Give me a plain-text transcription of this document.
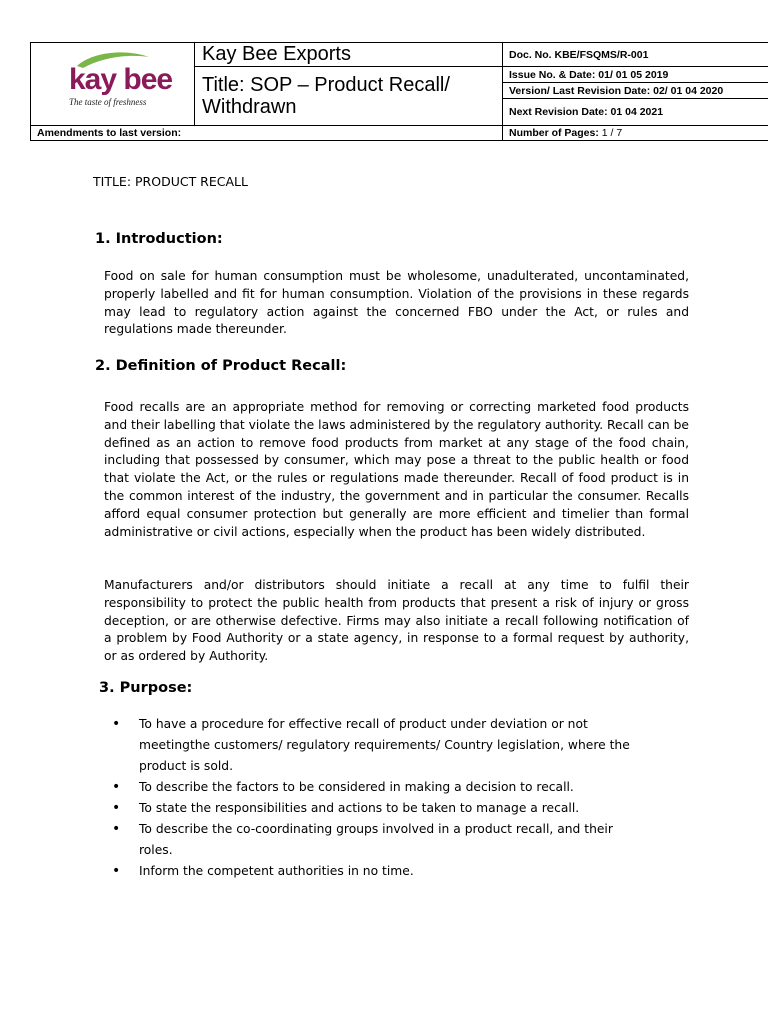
kay bee
The taste of freshness	Kay Bee Exports	Doc. No. KBE/FSQMS/R-001
	Title: SOP – Product Recall/ Withdrawn	Issue No. & Date: 01/ 01 05 2019
		Version/ Last Revision Date: 02/ 01 04 2020
		Next Revision Date: 01 04 2021
Amendments to last version:		Number of Pages: 1 / 7
TITLE: PRODUCT RECALL
1. Introduction:

Food on sale for human consumption must be wholesome, unadulterated, uncontaminated, properly labelled and fit for human consumption. Violation of the provisions in these regards may lead to regulatory action against the concerned FBO under the Act, or rules and regulations made thereunder.

2. Definition of Product Recall:

Food recalls are an appropriate method for removing or correcting marketed food products and their labelling that violate the laws administered by the regulatory authority. Recall can be defined as an action to remove food products from market at any stage of the food chain, including that possessed by consumer, which may pose a threat to the public health or food that violate the Act, or the rules or regulations made thereunder. Recall of food product is in the common interest of the industry, the government and in particular the consumer. Recalls afford equal consumer protection but generally are more efficient and timelier than formal administrative or civil actions, especially when the product has been widely distributed.

Manufacturers and/or distributors should initiate a recall at any time to fulfil their responsibility to protect the public health from products that present a risk of injury or gross deception, or are otherwise defective. Firms may also initiate a recall following notification of a problem by Food Authority or a state agency, in response to a formal request by authority, or as ordered by Authority.

3. Purpose:
• To have a procedure for effective recall of product under deviation or not meetingthe customers/ regulatory requirements/ Country legislation, where the product is sold.
• To describe the factors to be considered in making a decision to recall.
• To state the responsibilities and actions to be taken to manage a recall.
• To describe the co-coordinating groups involved in a product recall, and their roles.
• Inform the competent authorities in no time.
